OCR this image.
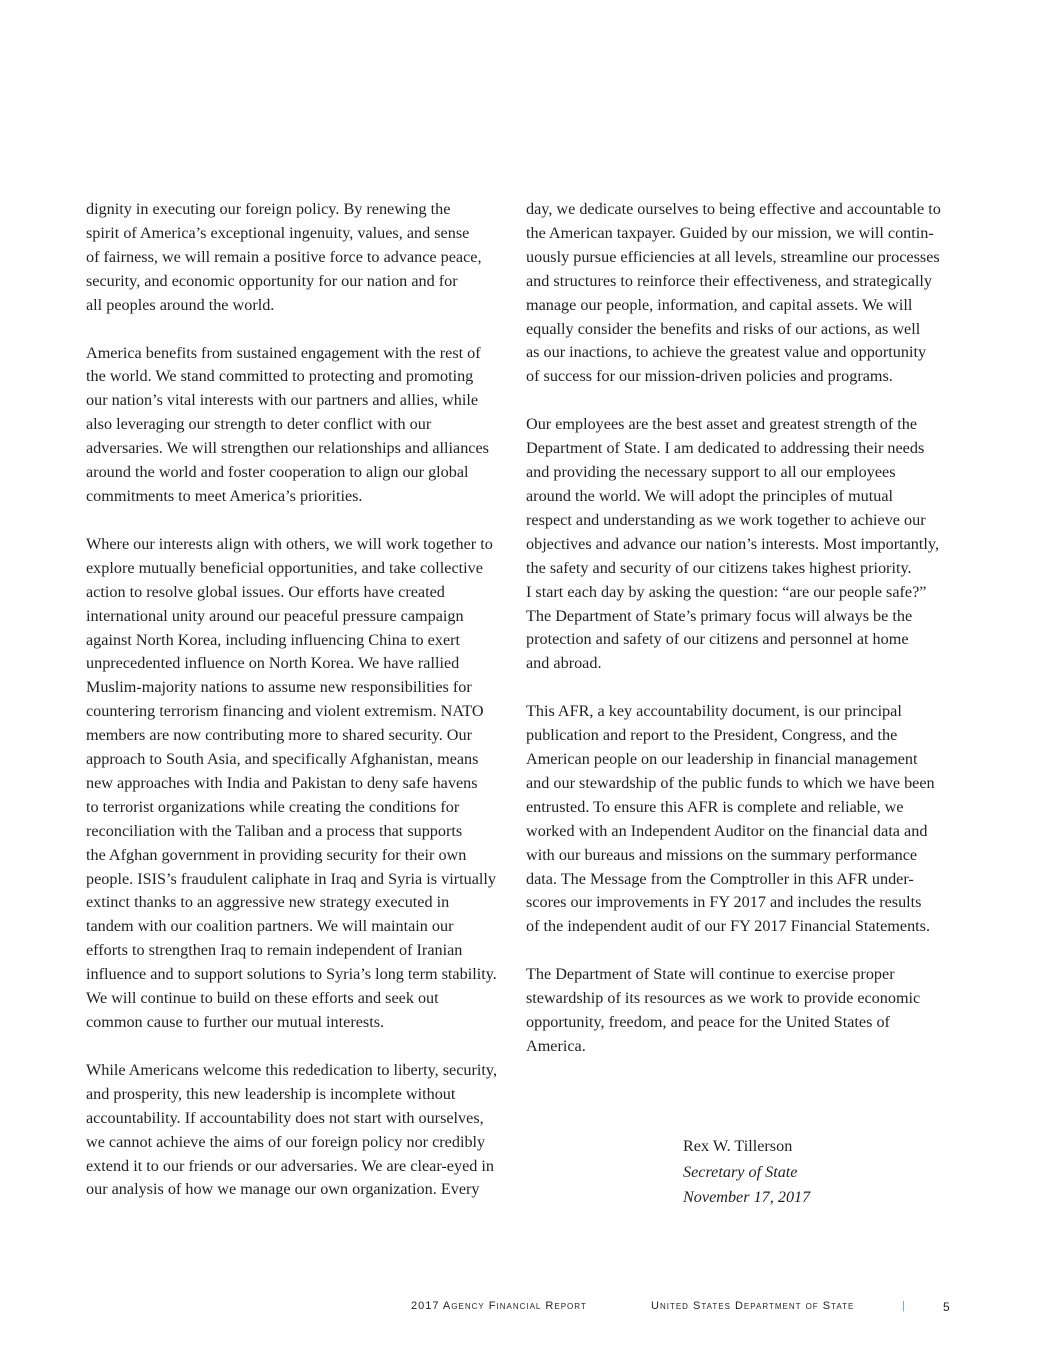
dignity in executing our foreign policy. By renewing the
spirit of America’s exceptional ingenuity, values, and sense
of fairness, we will remain a positive force to advance peace,
security, and economic opportunity for our nation and for
all peoples around the world.

America benefits from sustained engagement with the rest of
the world. We stand committed to protecting and promoting
our nation’s vital interests with our partners and allies, while
also leveraging our strength to deter conflict with our
adversaries. We will strengthen our relationships and alliances
around the world and foster cooperation to align our global
commitments to meet America’s priorities.

Where our interests align with others, we will work together to
explore mutually beneficial opportunities, and take collective
action to resolve global issues. Our efforts have created
international unity around our peaceful pressure campaign
against North Korea, including influencing China to exert
unprecedented influence on North Korea. We have rallied
Muslim-majority nations to assume new responsibilities for
countering terrorism financing and violent extremism. NATO
members are now contributing more to shared security. Our
approach to South Asia, and specifically Afghanistan, means
new approaches with India and Pakistan to deny safe havens
to terrorist organizations while creating the conditions for
reconciliation with the Taliban and a process that supports
the Afghan government in providing security for their own
people. ISIS’s fraudulent caliphate in Iraq and Syria is virtually
extinct thanks to an aggressive new strategy executed in
tandem with our coalition partners. We will maintain our
efforts to strengthen Iraq to remain independent of Iranian
influence and to support solutions to Syria’s long term stability.
We will continue to build on these efforts and seek out
common cause to further our mutual interests.

While Americans welcome this rededication to liberty, security,
and prosperity, this new leadership is incomplete without
accountability. If accountability does not start with ourselves,
we cannot achieve the aims of our foreign policy nor credibly
extend it to our friends or our adversaries. We are clear-eyed in
our analysis of how we manage our own organization. Every

day, we dedicate ourselves to being effective and accountable to
the American taxpayer. Guided by our mission, we will contin-
uously pursue efficiencies at all levels, streamline our processes
and structures to reinforce their effectiveness, and strategically
manage our people, information, and capital assets. We will
equally consider the benefits and risks of our actions, as well
as our inactions, to achieve the greatest value and opportunity
of success for our mission-driven policies and programs.

Our employees are the best asset and greatest strength of the
Department of State. I am dedicated to addressing their needs
and providing the necessary support to all our employees
around the world. We will adopt the principles of mutual
respect and understanding as we work together to achieve our
objectives and advance our nation’s interests. Most importantly,
the safety and security of our citizens takes highest priority.
I start each day by asking the question: “are our people safe?”
The Department of State’s primary focus will always be the
protection and safety of our citizens and personnel at home
and abroad.

This AFR, a key accountability document, is our principal
publication and report to the President, Congress, and the
American people on our leadership in financial management
and our stewardship of the public funds to which we have been
entrusted. To ensure this AFR is complete and reliable, we
worked with an Independent Auditor on the financial data and
with our bureaus and missions on the summary performance
data. The Message from the Comptroller in this AFR under-
scores our improvements in FY 2017 and includes the results
of the independent audit of our FY 2017 Financial Statements.

The Department of State will continue to exercise proper
stewardship of its resources as we work to provide economic
opportunity, freedom, and peace for the United States of
America.

Rex W. Tillerson
Secretary of State
November 17, 2017
2017 Agency Financial Report	United States Department of State	|	5
